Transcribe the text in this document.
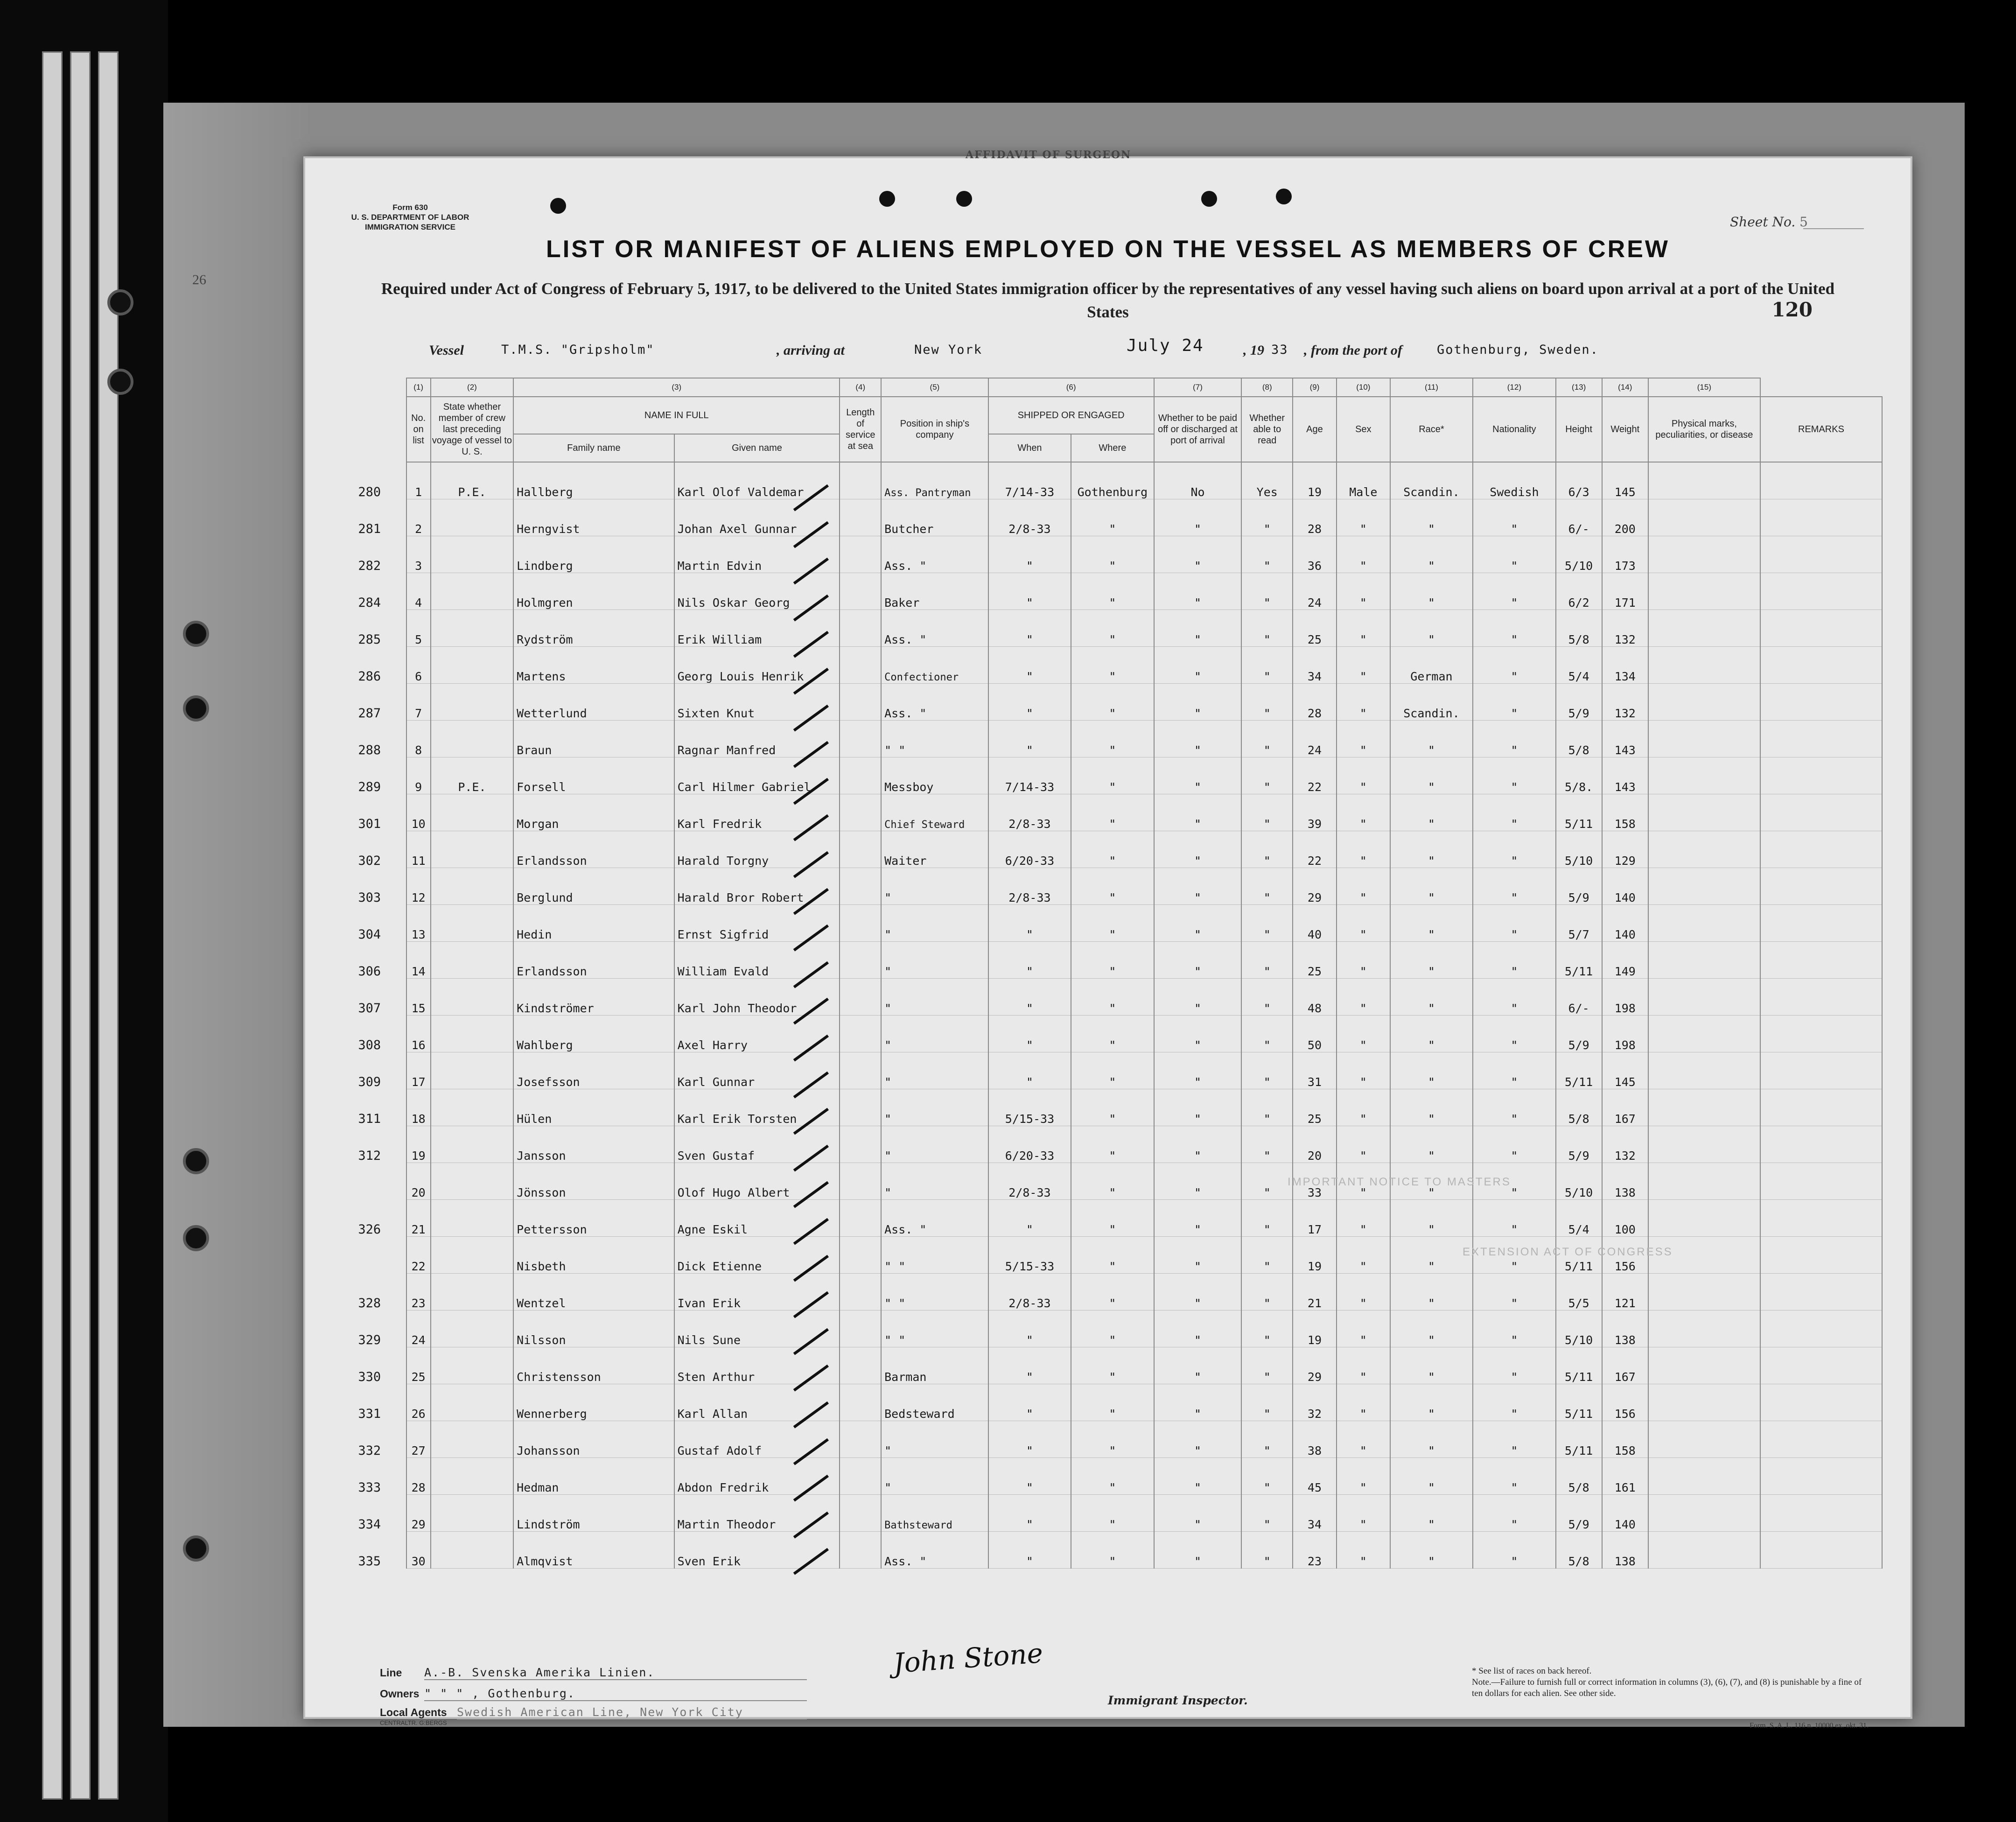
26
AFFIDAVIT OF SURGEON
Form 630
U. S. DEPARTMENT OF LABOR
IMMIGRATION SERVICE	Sheet No. 5
LIST OR MANIFEST OF ALIENS EMPLOYED ON THE VESSEL AS MEMBERS OF CREW
Required under Act of Congress of February 5, 1917, to be delivered to the United States immigration officer by the representatives of any vessel having such aliens on board upon arrival at a port of the United States	120
Vessel	T.M.S. "Gripsholm"	, arriving at	New York	July 24	, 19 33 , from the port of	Gothenburg, Sweden.
	(1)	(2)	(3)		(4)	(5)	(6)		(7)	(8)	(9)	(10)	(11)	(12)	(13)	(14)	(15)	
	No. on list	State whether member of crew last preceding voyage of vessel to U. S.	NAME IN FULL		Length of service at sea	Position in ship's company	SHIPPED OR ENGAGED		Whether to be paid off or discharged at port of arrival	Whether able to read	Age	Sex	Race*	Nationality	Height	Weight	Physical marks, peculiarities, or disease	REMARKS
			Family name	Given name			When	Where										
280	1	P.E.	Hallberg	Karl Olof Valdemar		Ass. Pantryman	7/14-33	Gothenburg	No	Yes	19	Male	Scandin.	Swedish	6/3	145		
281	2		Herngvist	Johan Axel Gunnar		Butcher	2/8-33	"	"	"	28	"	"	"	6/-	200		
282	3		Lindberg	Martin Edvin		Ass. "	"	"	"	"	36	"	"	"	5/10	173		
284	4		Holmgren	Nils Oskar Georg		Baker	"	"	"	"	24	"	"	"	6/2	171		
285	5		Rydström	Erik William		Ass. "	"	"	"	"	25	"	"	"	5/8	132		
286	6		Martens	Georg Louis Henrik		Confectioner	"	"	"	"	34	"	German	"	5/4	134		
287	7		Wetterlund	Sixten Knut		Ass. "	"	"	"	"	28	"	Scandin.	"	5/9	132		
288	8		Braun	Ragnar Manfred		" "	"	"	"	"	24	"	"	"	5/8	143		
289	9	P.E.	Forsell	Carl Hilmer Gabriel		Messboy	7/14-33	"	"	"	22	"	"	"	5/8.	143		
301	10		Morgan	Karl Fredrik		Chief Steward	2/8-33	"	"	"	39	"	"	"	5/11	158		
302	11		Erlandsson	Harald Torgny		Waiter	6/20-33	"	"	"	22	"	"	"	5/10	129		
303	12		Berglund	Harald Bror Robert		"	2/8-33	"	"	"	29	"	"	"	5/9	140		
304	13		Hedin	Ernst Sigfrid		"	"	"	"	"	40	"	"	"	5/7	140		
306	14		Erlandsson	William Evald		"	"	"	"	"	25	"	"	"	5/11	149		
307	15		Kindströmer	Karl John Theodor		"	"	"	"	"	48	"	"	"	6/-	198		
308	16		Wahlberg	Axel Harry		"	"	"	"	"	50	"	"	"	5/9	198		
309	17		Josefsson	Karl Gunnar		"	"	"	"	"	31	"	"	"	5/11	145		
311	18		Hülen	Karl Erik Torsten		"	5/15-33	"	"	"	25	"	"	"	5/8	167		
312	19		Jansson	Sven Gustaf		"	6/20-33	"	"	"	20	"	"	"	5/9	132		
	20		Jönsson	Olof Hugo Albert		"	2/8-33	"	"	"	33	"	"	"	5/10	138		
326	21		Pettersson	Agne Eskil		Ass. "	"	"	"	"	17	"	"	"	5/4	100		
	22		Nisbeth	Dick Etienne		" "	5/15-33	"	"	"	19	"	"	"	5/11	156		
328	23		Wentzel	Ivan Erik		" "	2/8-33	"	"	"	21	"	"	"	5/5	121		
329	24		Nilsson	Nils Sune		" "	"	"	"	"	19	"	"	"	5/10	138		
330	25		Christensson	Sten Arthur		Barman	"	"	"	"	29	"	"	"	5/11	167		
331	26		Wennerberg	Karl Allan		Bedsteward	"	"	"	"	32	"	"	"	5/11	156		
332	27		Johansson	Gustaf Adolf		"	"	"	"	"	38	"	"	"	5/11	158		
333	28		Hedman	Abdon Fredrik		"	"	"	"	"	45	"	"	"	5/8	161		
334	29		Lindström	Martin Theodor		Bathsteward	"	"	"	"	34	"	"	"	5/9	140		
335	30		Almqvist	Sven Erik		Ass. "	"	"	"	"	23	"	"	"	5/8	138		
IMPORTANT NOTICE TO MASTERS
EXTENSION ACT OF CONGRESS
Line A.-B. Svenska Amerika Linien.
Owners " " " , Gothenburg.
Local Agents Swedish American Line, New York City
John Stone
Immigrant Inspector.
* See list of races on back hereof.
Note.—Failure to furnish full or correct information in columns (3), (6), (7), and (8) is punishable by a fine of ten dollars for each alien. See other side.
CENTRALTR. G:BERGS	Form. S. A. L. 116 n. 10000 ex. okt. 31.
